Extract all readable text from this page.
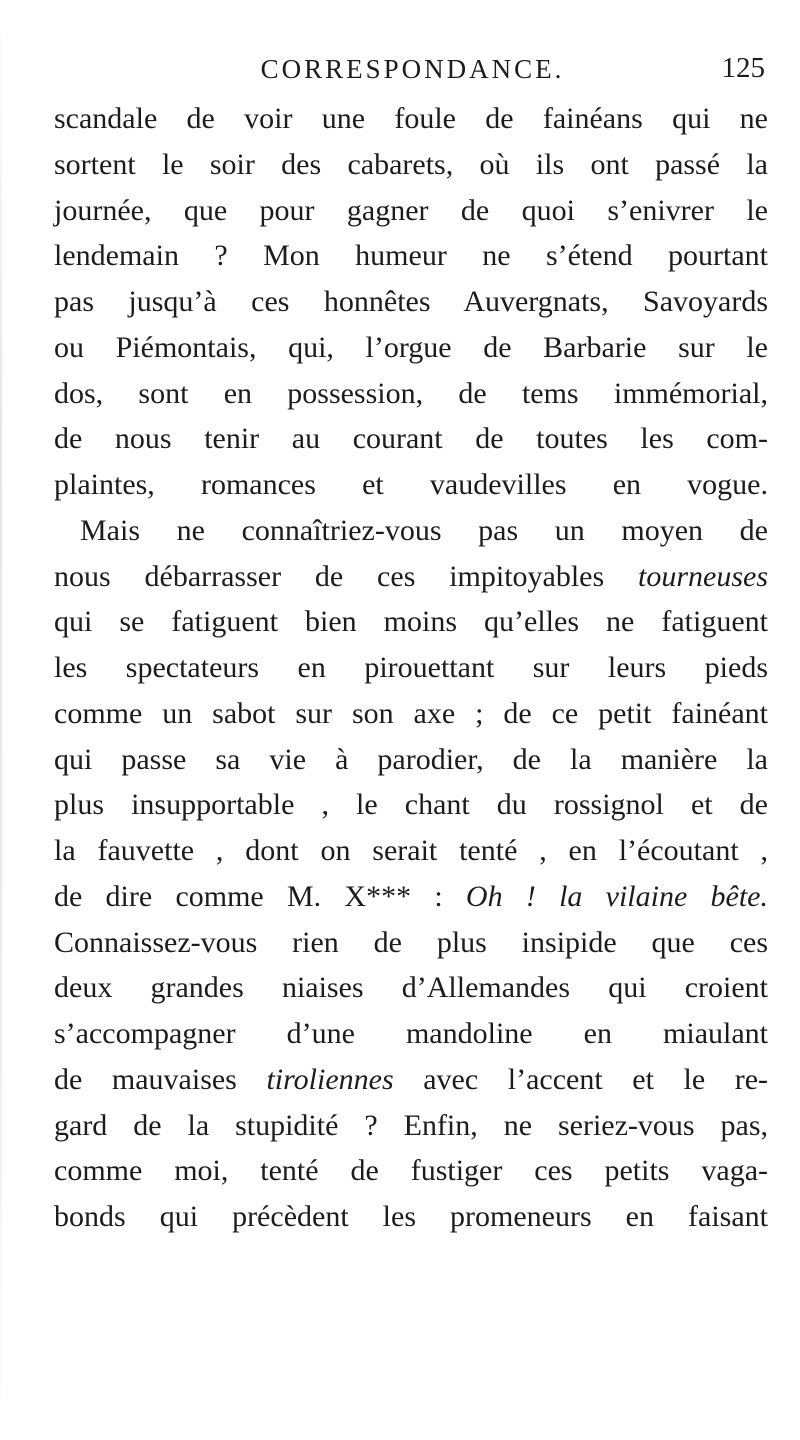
CORRESPONDANCE.	125
scandale de voir une foule de fainéans qui ne
sortent le soir des cabarets, où ils ont passé la
journée, que pour gagner de quoi s’enivrer le
lendemain ? Mon humeur ne s’étend pourtant
pas jusqu’à ces honnêtes Auvergnats, Savoyards
ou Piémontais, qui, l’orgue de Barbarie sur le
dos, sont en possession, de tems immémorial,
de nous tenir au courant de toutes les com-
plaintes, romances et vaudevilles en vogue.
Mais ne connaîtriez-vous pas un moyen de
nous débarrasser de ces impitoyables tourneuses
qui se fatiguent bien moins qu’elles ne fatiguent
les spectateurs en pirouettant sur leurs pieds
comme un sabot sur son axe ; de ce petit fainéant
qui passe sa vie à parodier, de la manière la
plus insupportable , le chant du rossignol et de
la fauvette , dont on serait tenté , en l’écoutant ,
de dire comme M. X*** : Oh ! la vilaine bête.
Connaissez-vous rien de plus insipide que ces
deux grandes niaises d’Allemandes qui croient
s’accompagner d’une mandoline en miaulant
de mauvaises tiroliennes avec l’accent et le re-
gard de la stupidité ? Enfin, ne seriez-vous pas,
comme moi, tenté de fustiger ces petits vaga-
bonds qui précèdent les promeneurs en faisant
